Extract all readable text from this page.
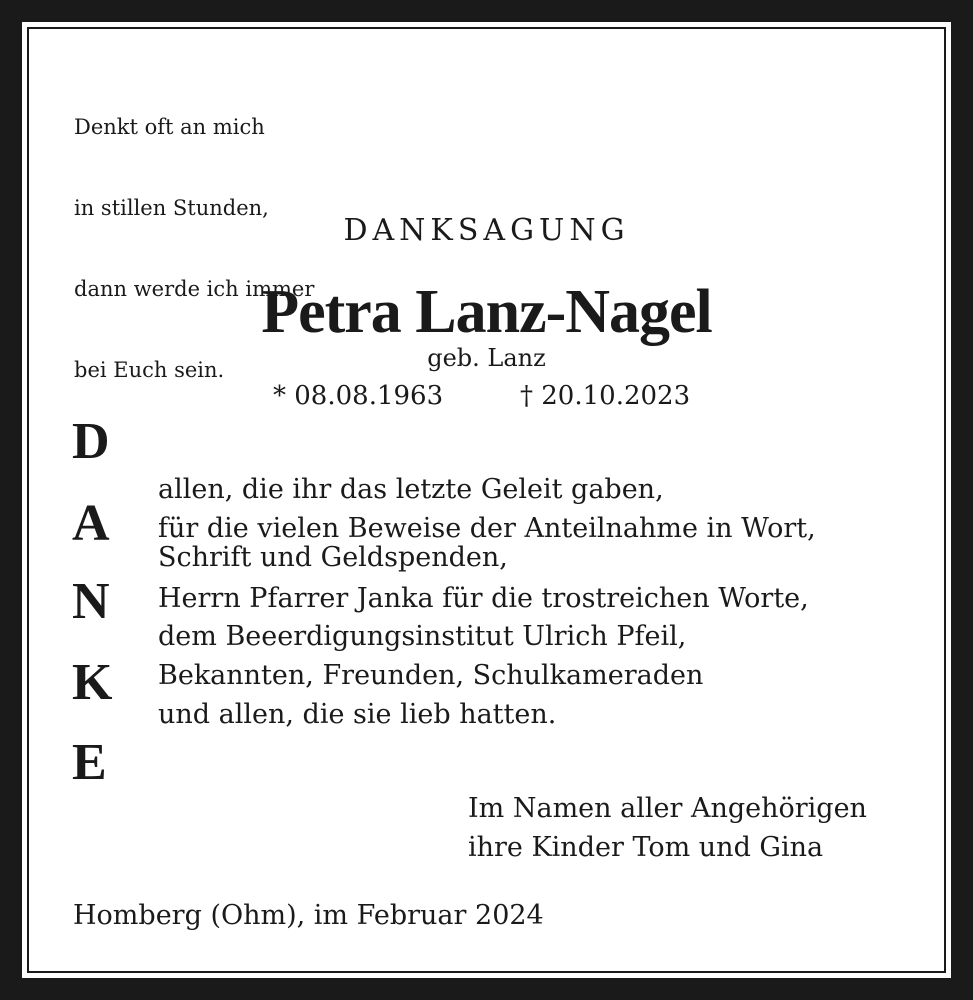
Denkt oft an mich

in stillen Stunden,

dann werde ich immer

bei Euch sein.

DANKSAGUNG
Petra Lanz-Nagel
geb. Lanz
* 08.08.1963	† 20.10.2023
D
A
N
K
E
allen, die ihr das letzte Geleit gaben,
für die vielen Beweise der Anteilnahme in Wort,
Schrift und Geldspenden,
Herrn Pfarrer Janka für die trostreichen Worte,
dem Beeerdigungsinstitut Ulrich Pfeil,
Bekannten, Freunden, Schulkameraden
und allen, die sie lieb hatten.
Im Namen aller Angehörigen
ihre Kinder Tom und Gina
Homberg (Ohm), im Februar 2024
